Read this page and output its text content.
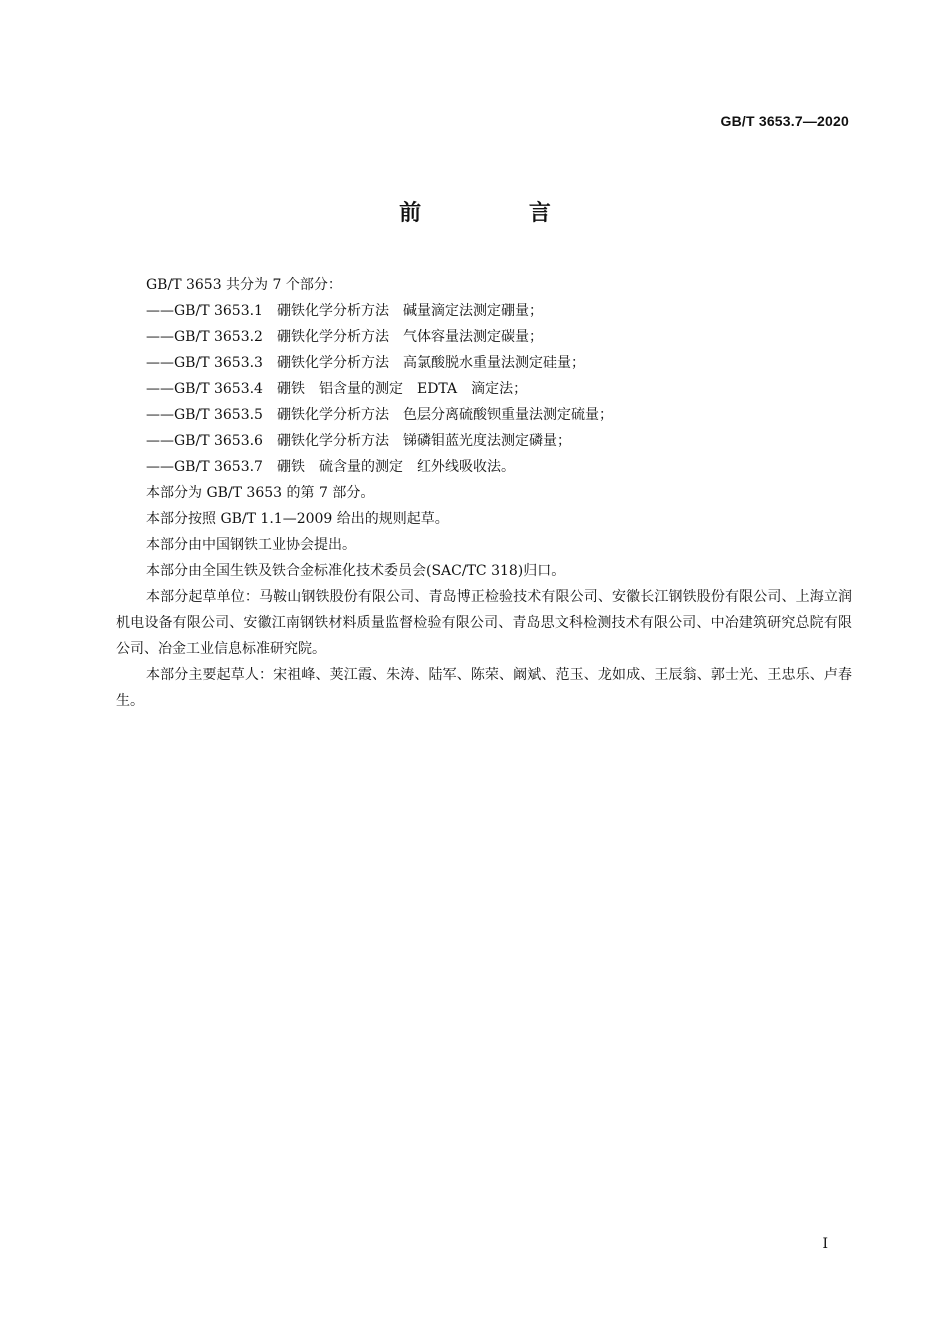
GB/T 3653.7—2020
前 言

GB/T 3653 共分为 7 个部分：

——GB/T 3653.1 硼铁化学分析方法 碱量滴定法测定硼量；

——GB/T 3653.2 硼铁化学分析方法 气体容量法测定碳量；

——GB/T 3653.3 硼铁化学分析方法 高氯酸脱水重量法测定硅量；

——GB/T 3653.4 硼铁　铝含量的测定 EDTA　滴定法；

——GB/T 3653.5 硼铁化学分析方法 色层分离硫酸钡重量法测定硫量；

——GB/T 3653.6 硼铁化学分析方法 锑磷钼蓝光度法测定磷量；

——GB/T 3653.7 硼铁　硫含量的测定 红外线吸收法。

本部分为 GB/T 3653 的第 7 部分。

本部分按照 GB/T 1.1—2009 给出的规则起草。

本部分由中国钢铁工业协会提出。

本部分由全国生铁及铁合金标准化技术委员会(SAC/TC 318)归口。

本部分起草单位：马鞍山钢铁股份有限公司、青岛博正检验技术有限公司、安徽长江钢铁股份有限公司、上海立润机电设备有限公司、安徽江南钢铁材料质量监督检验有限公司、青岛思文科检测技术有限公司、中冶建筑研究总院有限公司、冶金工业信息标准研究院。

本部分主要起草人：宋祖峰、荚江霞、朱涛、陆军、陈荣、阚斌、范玉、龙如成、王辰翁、郭士光、王忠乐、卢春生。

I
